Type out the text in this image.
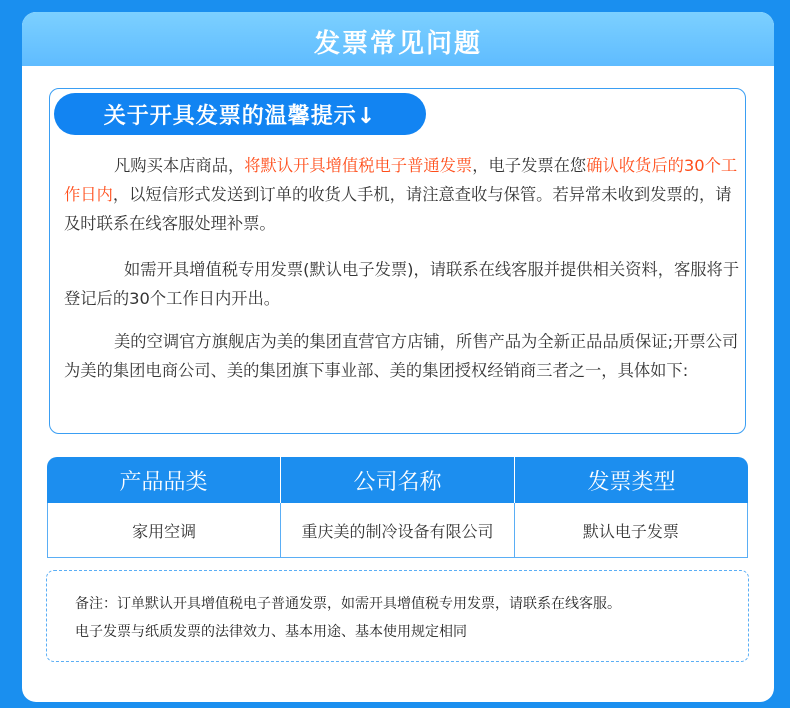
发票常见问题
关于开具发票的温馨提示↓

凡购买本店商品，将默认开具增值税电子普通发票，电子发票在您确认收货后的30个工作日内，以短信形式发送到订单的收货人手机，请注意查收与保管。若异常未收到发票的，请及时联系在线客服处理补票。

如需开具增值税专用发票(默认电子发票)，请联系在线客服并提供相关资料，客服将于登记后的30个工作日内开出。

美的空调官方旗舰店为美的集团直营官方店铺，所售产品为全新正品品质保证;开票公司为美的集团电商公司、美的集团旗下事业部、美的集团授权经销商三者之一，具体如下:

产品品类	公司名称	发票类型
家用空调	重庆美的制冷设备有限公司	默认电子发票
备注：订单默认开具增值税电子普通发票，如需开具增值税专用发票，请联系在线客服。
电子发票与纸质发票的法律效力、基本用途、基本使用规定相同
